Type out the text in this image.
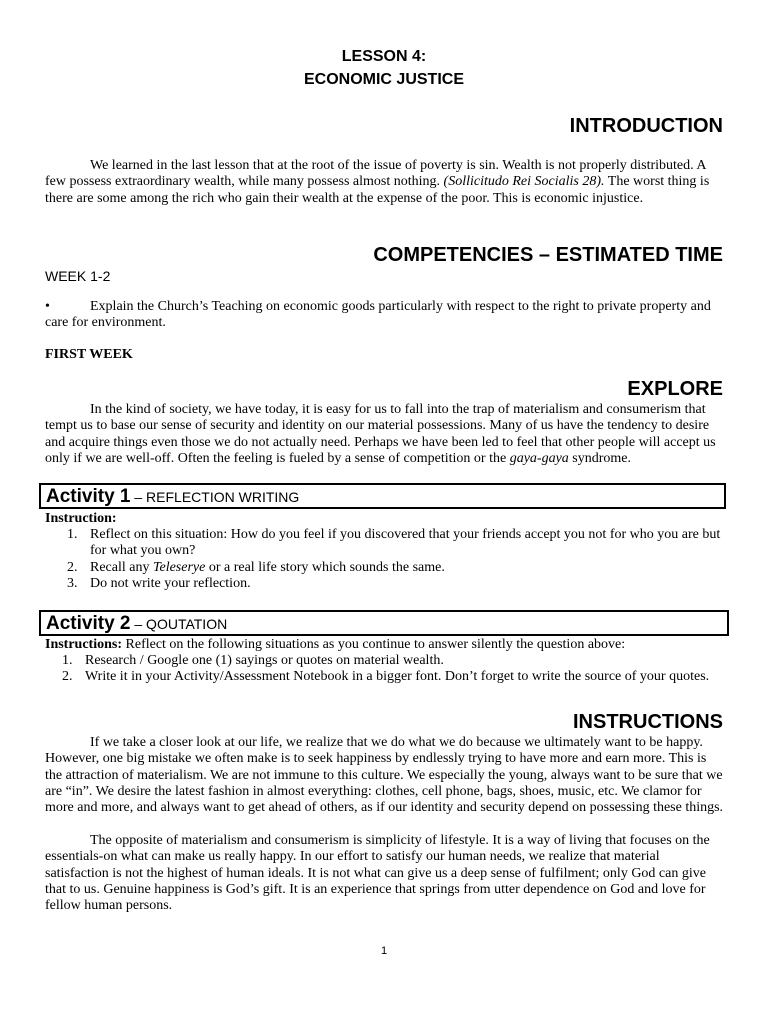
LESSON 4:
ECONOMIC JUSTICE
INTRODUCTION
We learned in the last lesson that at the root of the issue of poverty is sin. Wealth is not properly distributed. A few possess extraordinary wealth, while many possess almost nothing. (Sollicitudo Rei Socialis 28). The worst thing is there are some among the rich who gain their wealth at the expense of the poor. This is economic injustice.
COMPETENCIES – ESTIMATED TIME
WEEK 1-2
•	Explain the Church’s Teaching on economic goods particularly with respect to the right to private property and care for environment.
FIRST WEEK
EXPLORE
In the kind of society, we have today, it is easy for us to fall into the trap of materialism and consumerism that tempt us to base our sense of security and identity on our material possessions. Many of us have the tendency to desire and acquire things even those we do not actually need. Perhaps we have been led to feel that other people will accept us only if we are well-off. Often the feeling is fueled by a sense of competition or the gaya-gaya syndrome.
Activity 1 – REFLECTION WRITING
Instruction:
1. Reflect on this situation: How do you feel if you discovered that your friends accept you not for who you are but for what you own?
2. Recall any Teleserye or a real life story which sounds the same.
3. Do not write your reflection.
Activity 2 – QOUTATION
Instructions: Reflect on the following situations as you continue to answer silently the question above:
1. Research / Google one (1) sayings or quotes on material wealth.
2. Write it in your Activity/Assessment Notebook in a bigger font. Don’t forget to write the source of your quotes.
INSTRUCTIONS
If we take a closer look at our life, we realize that we do what we do because we ultimately want to be happy. However, one big mistake we often make is to seek happiness by endlessly trying to have more and earn more. This is the attraction of materialism. We are not immune to this culture. We especially the young, always want to be sure that we are “in”. We desire the latest fashion in almost everything: clothes, cell phone, bags, shoes, music, etc. We clamor for more and more, and always want to get ahead of others, as if our identity and security depend on possessing these things.
The opposite of materialism and consumerism is simplicity of lifestyle. It is a way of living that focuses on the essentials-on what can make us really happy. In our effort to satisfy our human needs, we realize that material satisfaction is not the highest of human ideals. It is not what can give us a deep sense of fulfilment; only God can give that to us. Genuine happiness is God’s gift. It is an experience that springs from utter dependence on God and love for fellow human persons.
1
